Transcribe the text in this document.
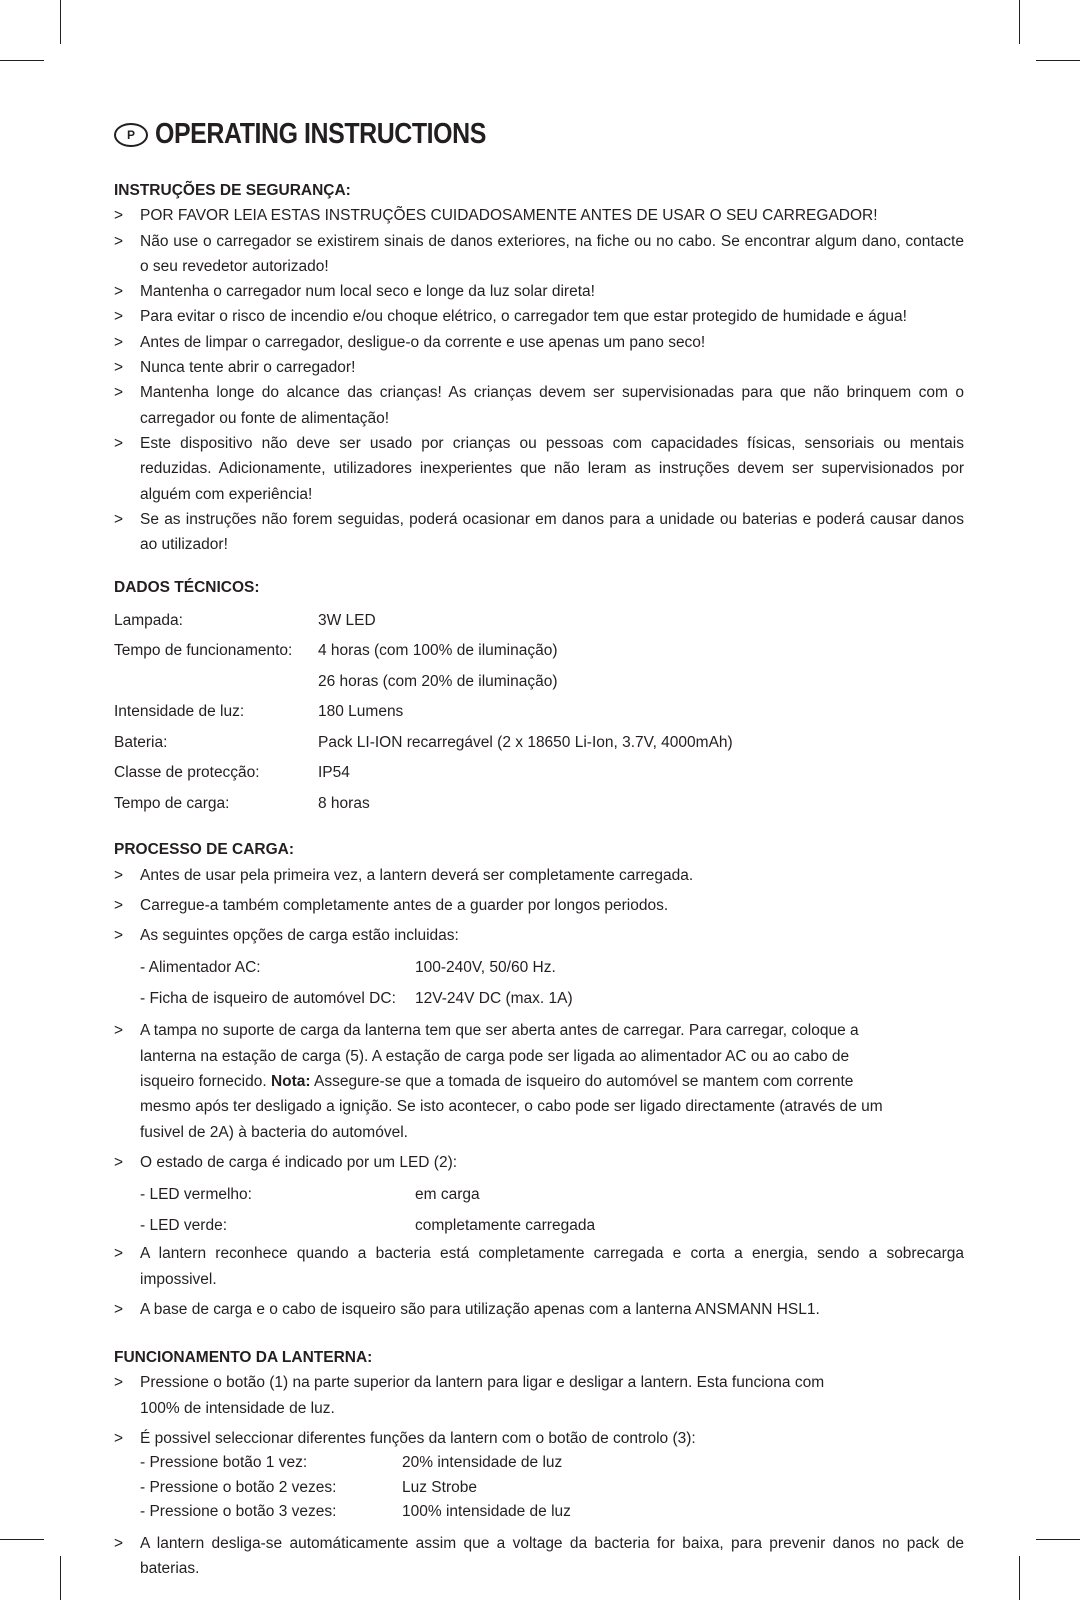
P OPERATING INSTRUCTIONS

INSTRUÇÕES DE SEGURANÇA:

> POR FAVOR LEIA ESTAS INSTRUÇÕES CUIDADOSAMENTE ANTES DE USAR O SEU CARREGADOR!
> Não use o carregador se existirem sinais de danos exteriores, na fiche ou no cabo. Se encontrar algum dano, contacte o seu revedetor autorizado!
> Mantenha o carregador num local seco e longe da luz solar direta!
> Para evitar o risco de incendio e/ou choque elétrico, o carregador tem que estar protegido de humidade e água!
> Antes de limpar o carregador, desligue-o da corrente e use apenas um pano seco!
> Nunca tente abrir o carregador!
> Mantenha longe do alcance das crianças! As crianças devem ser supervisionadas para que não brinquem com o carregador ou fonte de alimentação!
> Este dispositivo não deve ser usado por crianças ou pessoas com capacidades físicas, sensoriais ou mentais reduzidas. Adicionamente, utilizadores inexperientes que não leram as instruções devem ser supervisionados por alguém com experiência!
> Se as instruções não forem seguidas, poderá ocasionar em danos para a unidade ou baterias e poderá causar danos ao utilizador!

DADOS TÉCNICOS:

Lampada:	3W LED
Tempo de funcionamento:	4 horas (com 100% de iluminação)
26 horas (com 20% de iluminação)
Intensidade de luz:	180 Lumens
Bateria:	Pack LI-ION recarregável (2 x 18650 Li-Ion, 3.7V, 4000mAh)
Classe de protecção:	IP54
Tempo de carga:	8 horas

PROCESSO DE CARGA:

> Antes de usar pela primeira vez, a lantern deverá ser completamente carregada.
> Carregue-a também completamente antes de a guarder por longos periodos.
> As seguintes opções de carga estão incluidas:
- Alimentador AC:	100-240V, 50/60 Hz.
- Ficha de isqueiro de automóvel DC:	12V-24V DC (max. 1A)
> A tampa no suporte de carga da lanterna tem que ser aberta antes de carregar. Para carregar, coloque a lanterna na estação de carga (5). A estação de carga pode ser ligada ao alimentador AC ou ao cabo de isqueiro fornecido. Nota: Assegure-se que a tomada de isqueiro do automóvel se mantem com corrente mesmo após ter desligado a ignição. Se isto acontecer, o cabo pode ser ligado directamente (através de um fusivel de 2A) à bacteria do automóvel.
> O estado de carga é indicado por um LED (2):
- LED vermelho:	em carga
- LED verde:	completamente carregada
> A lantern reconhece quando a bacteria está completamente carregada e corta a energia, sendo a sobrecarga impossivel.
> A base de carga e o cabo de isqueiro são para utilização apenas com a lanterna ANSMANN HSL1.

FUNCIONAMENTO DA LANTERNA:

> Pressione o botão (1) na parte superior da lantern para ligar e desligar a lantern. Esta funciona com 100% de intensidade de luz.
> É possivel seleccionar diferentes funções da lantern com o botão de controlo (3):
- Pressione botão 1 vez:	20% intensidade de luz
- Pressione o botão 2 vezes:	Luz Strobe
- Pressione o botão 3 vezes:	100% intensidade de luz
> A lantern desliga-se automáticamente assim que a voltage da bacteria for baixa, para prevenir danos no pack de baterias.
